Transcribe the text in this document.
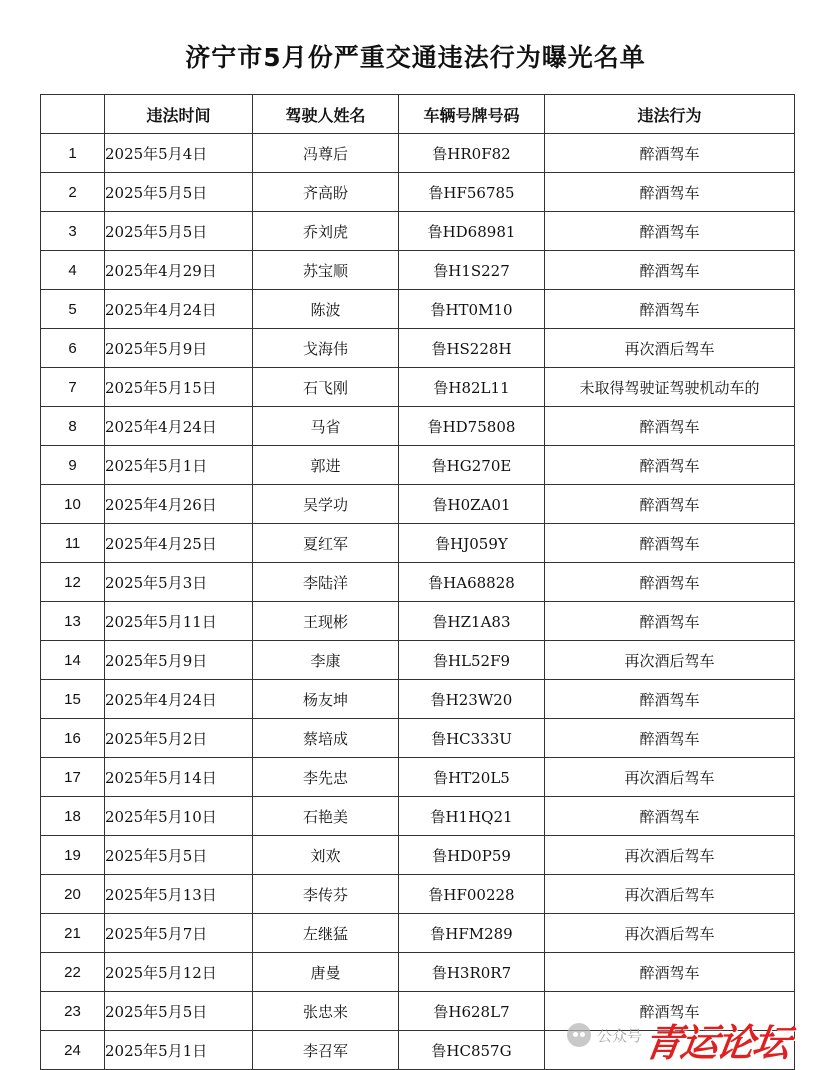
济宁市5月份严重交通违法行为曝光名单
	违法时间	驾驶人姓名	车辆号牌号码	违法行为
1	2025年5月4日	冯尊后	鲁HR0F82	醉酒驾车
2	2025年5月5日	齐高盼	鲁HF56785	醉酒驾车
3	2025年5月5日	乔刘虎	鲁HD68981	醉酒驾车
4	2025年4月29日	苏宝顺	鲁H1S227	醉酒驾车
5	2025年4月24日	陈波	鲁HT0M10	醉酒驾车
6	2025年5月9日	戈海伟	鲁HS228H	再次酒后驾车
7	2025年5月15日	石飞刚	鲁H82L11	未取得驾驶证驾驶机动车的
8	2025年4月24日	马省	鲁HD75808	醉酒驾车
9	2025年5月1日	郭进	鲁HG270E	醉酒驾车
10	2025年4月26日	吴学功	鲁H0ZA01	醉酒驾车
11	2025年4月25日	夏红军	鲁HJ059Y	醉酒驾车
12	2025年5月3日	李陆洋	鲁HA68828	醉酒驾车
13	2025年5月11日	王现彬	鲁HZ1A83	醉酒驾车
14	2025年5月9日	李康	鲁HL52F9	再次酒后驾车
15	2025年4月24日	杨友坤	鲁H23W20	醉酒驾车
16	2025年5月2日	蔡培成	鲁HC333U	醉酒驾车
17	2025年5月14日	李先忠	鲁HT20L5	再次酒后驾车
18	2025年5月10日	石艳美	鲁H1HQ21	醉酒驾车
19	2025年5月5日	刘欢	鲁HD0P59	再次酒后驾车
20	2025年5月13日	李传芬	鲁HF00228	再次酒后驾车
21	2025年5月7日	左继猛	鲁HFM289	再次酒后驾车
22	2025年5月12日	唐曼	鲁H3R0R7	醉酒驾车
23	2025年5月5日	张忠来	鲁H628L7	醉酒驾车
24	2025年5月1日	李召军	鲁HC857G	
公众号 青运论坛
